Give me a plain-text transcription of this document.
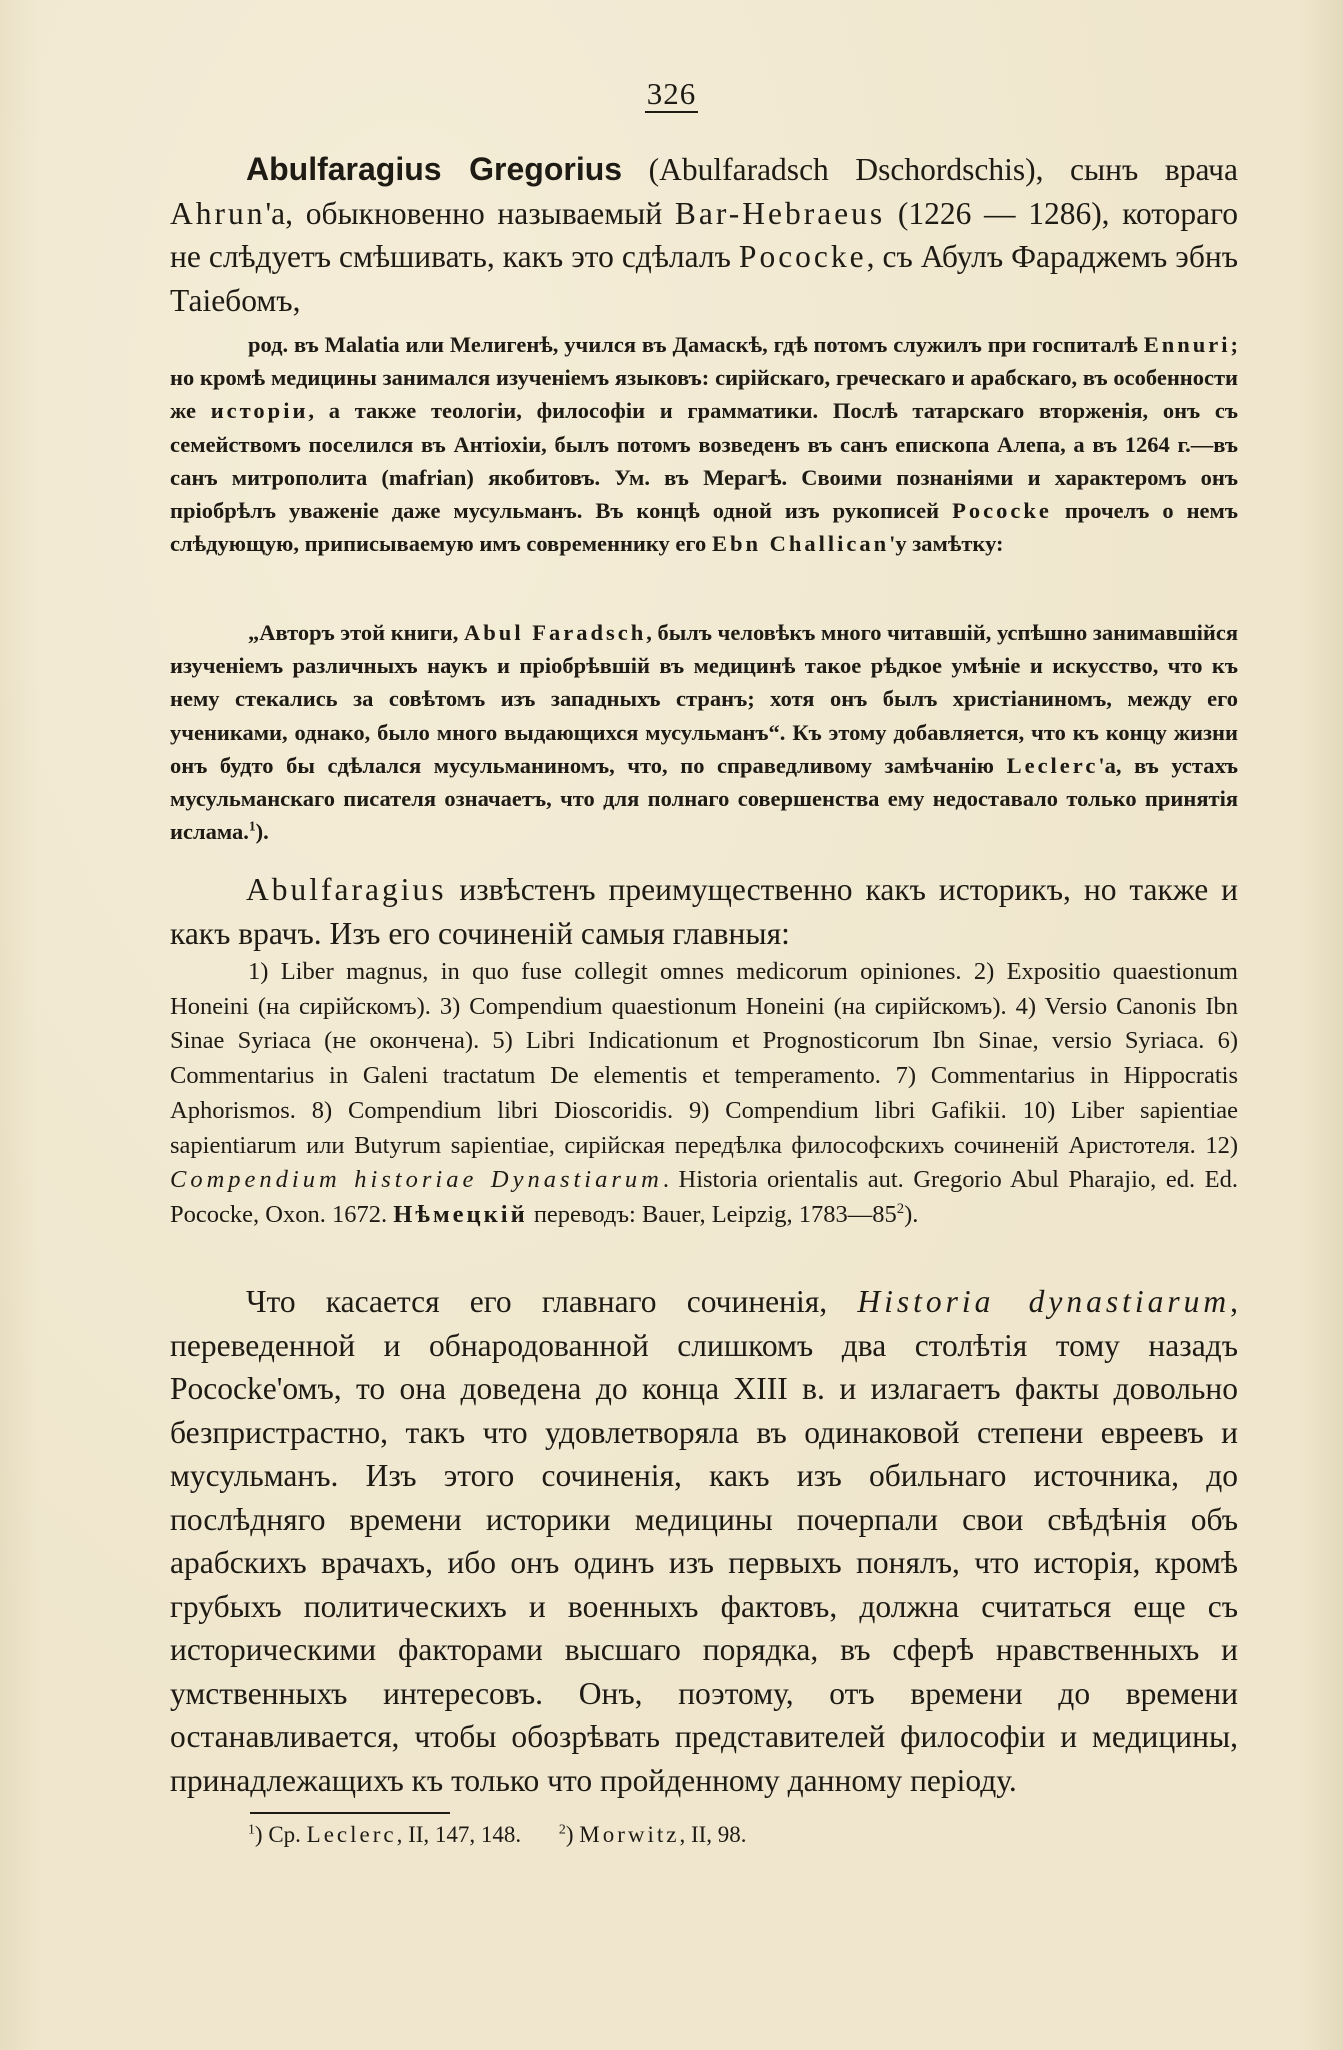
326
Abulfaragius Gregorius (Abulfaradsch Dschordschis), сынъ врача Ahrun'а, обыкновенно называемый Bar-Hebraeus (1226 — 1286), котораго не слѣдуетъ смѣшивать, какъ это сдѣлалъ Pococke, съ Абулъ Фараджемъ эбнъ Таіебомъ,
род. въ Malatia или Мелигенѣ, учился въ Дамаскѣ, гдѣ потомъ служилъ при госпиталѣ Ennuri; но кромѣ медицины занимался изученіемъ языковъ: сирійскаго, греческаго и арабскаго, въ особенности же исторіи, а также теологіи, философіи и грамматики. Послѣ татарскаго вторженія, онъ съ семействомъ поселился въ Антіохіи, былъ потомъ возведенъ въ санъ епископа Алепа, а въ 1264 г.—въ санъ митрополита (mafrian) якобитовъ. Ум. въ Мерагѣ. Своими познаніями и характеромъ онъ пріобрѣлъ уваженіе даже мусульманъ. Въ концѣ одной изъ рукописей Pococke прочелъ о немъ слѣдующую, приписываемую имъ современнику его Ebn Challican'у замѣтку:
„Авторъ этой книги, Abul Faradsch, былъ человѣкъ много читавшій, успѣшно занимавшійся изученіемъ различныхъ наукъ и пріобрѣвшій въ медицинѣ такое рѣдкое умѣніе и искусство, что къ нему стекались за совѣтомъ изъ западныхъ странъ; хотя онъ былъ христіаниномъ, между его учениками, однако, было много выдающихся мусульманъ“. Къ этому добавляется, что къ концу жизни онъ будто бы сдѣлался мусульманиномъ, что, по справедливому замѣчанію Leclerc'а, въ устахъ мусульманскаго писателя означаетъ, что для полнаго совершенства ему недоставало только принятія ислама.$^1$).
Abulfaragius извѣстенъ преимущественно какъ историкъ, но также и какъ врачъ. Изъ его сочиненій самыя главныя:
1) Liber magnus, in quo fuse collegit omnes medicorum opiniones. 2) Expositio quaestionum Honeini (на сирійскомъ). 3) Compendium quaestionum Honeini (на сирійскомъ). 4) Versio Canonis Ibn Sinae Syriaca (не окончена). 5) Libri Indicationum et Prognosticorum Ibn Sinae, versio Syriaca. 6) Commentarius in Galeni tractatum De elementis et temperamento. 7) Commentarius in Hippocratis Aphorismos. 8) Compendium libri Dioscoridis. 9) Compendium libri Gafikii. 10) Liber sapientiae sapientiarum или Butyrum sapientiae, сирійская передѣлка философскихъ сочиненій Аристотеля. 12) Compendium historiae Dynastiarum. Historia orientalis aut. Gregorio Abul Pharajio, ed. Ed. Pococke, Oxon. 1672. Нѣмецкій переводъ: Bauer, Leipzig, $1783—85^2$).
Что касается его главнаго сочиненія, Historia dynastiarum, переведенной и обнародованной слишкомъ два столѣтія тому назадъ Pococke'омъ, то она доведена до конца XIII в. и излагаетъ факты довольно безпристрастно, такъ что удовлетворяла въ одинаковой степени евреевъ и мусульманъ. Изъ этого сочиненія, какъ изъ обильнаго источника, до послѣдняго времени историки медицины почерпали свои свѣдѣнія объ арабскихъ врачахъ, ибо онъ одинъ изъ первыхъ понялъ, что исторія, кромѣ грубыхъ политическихъ и военныхъ фактовъ, должна считаться еще съ историческими факторами высшаго порядка, въ сферѣ нравственныхъ и умственныхъ интересовъ. Онъ, поэтому, отъ времени до времени останавливается, чтобы обозрѣвать представителей философіи и медицины, принадлежащихъ къ только что пройденному данному періоду.
$^1$) Cp. Leclerc, II, 147, 148.	$^2$) Morwitz, II, 98.
